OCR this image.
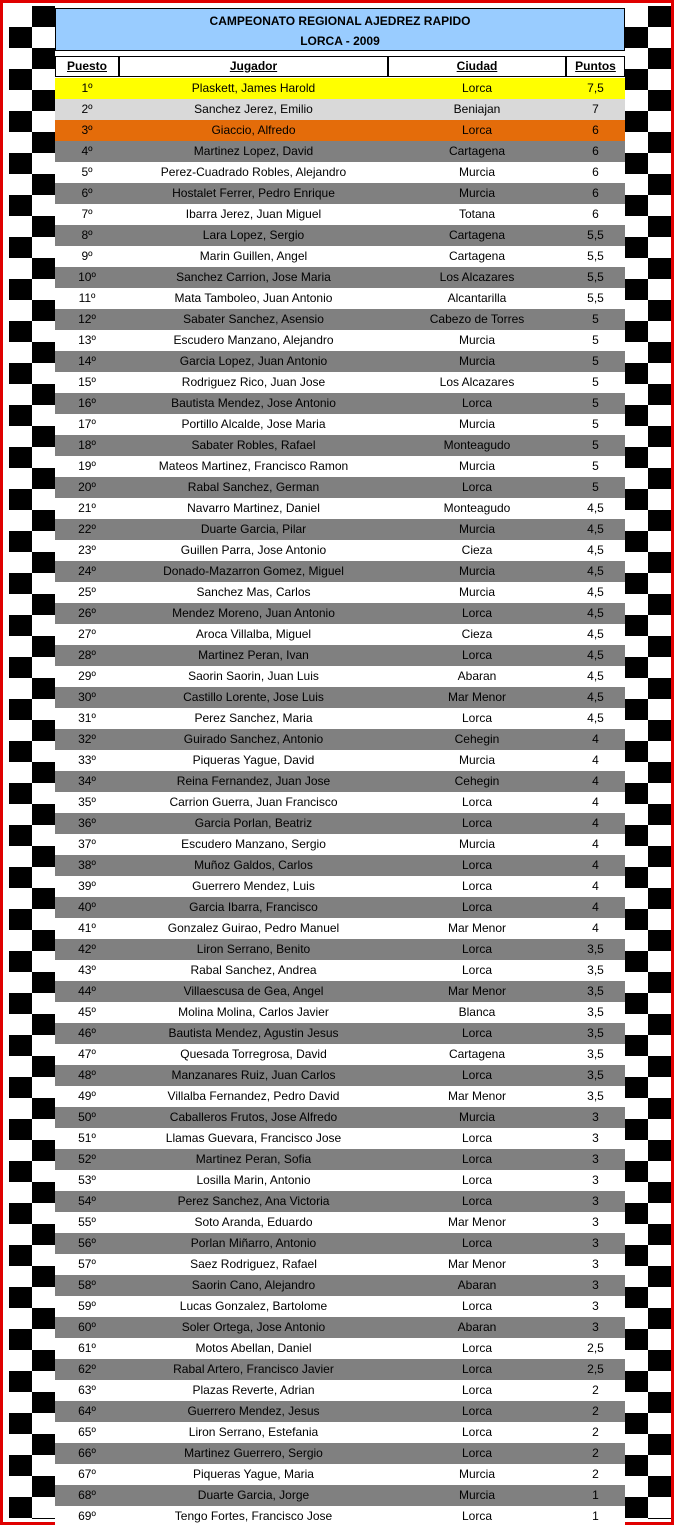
CAMPEONATO REGIONAL AJEDREZ RAPIDO
LORCA - 2009
Puesto	Jugador	Ciudad	Puntos
1º	Plaskett, James Harold	Lorca	7,5
2º	Sanchez Jerez, Emilio	Beniajan	7
3º	Giaccio, Alfredo	Lorca	6
4º	Martinez Lopez, David	Cartagena	6
5º	Perez-Cuadrado Robles, Alejandro	Murcia	6
6º	Hostalet Ferrer, Pedro Enrique	Murcia	6
7º	Ibarra Jerez, Juan Miguel	Totana	6
8º	Lara Lopez, Sergio	Cartagena	5,5
9º	Marin Guillen, Angel	Cartagena	5,5
10º	Sanchez Carrion, Jose Maria	Los Alcazares	5,5
11º	Mata Tamboleo, Juan Antonio	Alcantarilla	5,5
12º	Sabater Sanchez, Asensio	Cabezo de Torres	5
13º	Escudero Manzano, Alejandro	Murcia	5
14º	Garcia Lopez, Juan Antonio	Murcia	5
15º	Rodriguez Rico, Juan Jose	Los Alcazares	5
16º	Bautista Mendez, Jose Antonio	Lorca	5
17º	Portillo Alcalde, Jose Maria	Murcia	5
18º	Sabater Robles, Rafael	Monteagudo	5
19º	Mateos Martinez, Francisco Ramon	Murcia	5
20º	Rabal Sanchez, German	Lorca	5
21º	Navarro Martinez, Daniel	Monteagudo	4,5
22º	Duarte Garcia, Pilar	Murcia	4,5
23º	Guillen Parra, Jose Antonio	Cieza	4,5
24º	Donado-Mazarron Gomez, Miguel	Murcia	4,5
25º	Sanchez Mas, Carlos	Murcia	4,5
26º	Mendez Moreno, Juan Antonio	Lorca	4,5
27º	Aroca Villalba, Miguel	Cieza	4,5
28º	Martinez Peran, Ivan	Lorca	4,5
29º	Saorin Saorin, Juan Luis	Abaran	4,5
30º	Castillo Lorente, Jose Luis	Mar Menor	4,5
31º	Perez Sanchez, Maria	Lorca	4,5
32º	Guirado Sanchez, Antonio	Cehegin	4
33º	Piqueras Yague, David	Murcia	4
34º	Reina Fernandez, Juan Jose	Cehegin	4
35º	Carrion Guerra, Juan Francisco	Lorca	4
36º	Garcia Porlan, Beatriz	Lorca	4
37º	Escudero Manzano, Sergio	Murcia	4
38º	Muñoz Galdos, Carlos	Lorca	4
39º	Guerrero Mendez, Luis	Lorca	4
40º	Garcia Ibarra, Francisco	Lorca	4
41º	Gonzalez Guirao, Pedro Manuel	Mar Menor	4
42º	Liron Serrano, Benito	Lorca	3,5
43º	Rabal Sanchez, Andrea	Lorca	3,5
44º	Villaescusa de Gea, Angel	Mar Menor	3,5
45º	Molina Molina, Carlos Javier	Blanca	3,5
46º	Bautista Mendez, Agustin Jesus	Lorca	3,5
47º	Quesada Torregrosa, David	Cartagena	3,5
48º	Manzanares Ruiz, Juan Carlos	Lorca	3,5
49º	Villalba Fernandez, Pedro David	Mar Menor	3,5
50º	Caballeros Frutos, Jose Alfredo	Murcia	3
51º	Llamas Guevara, Francisco Jose	Lorca	3
52º	Martinez Peran, Sofia	Lorca	3
53º	Losilla Marin, Antonio	Lorca	3
54º	Perez Sanchez, Ana Victoria	Lorca	3
55º	Soto Aranda, Eduardo	Mar Menor	3
56º	Porlan Miñarro, Antonio	Lorca	3
57º	Saez Rodriguez, Rafael	Mar Menor	3
58º	Saorin Cano, Alejandro	Abaran	3
59º	Lucas Gonzalez, Bartolome	Lorca	3
60º	Soler Ortega, Jose Antonio	Abaran	3
61º	Motos Abellan, Daniel	Lorca	2,5
62º	Rabal Artero, Francisco Javier	Lorca	2,5
63º	Plazas Reverte, Adrian	Lorca	2
64º	Guerrero Mendez, Jesus	Lorca	2
65º	Liron Serrano, Estefania	Lorca	2
66º	Martinez Guerrero, Sergio	Lorca	2
67º	Piqueras Yague, Maria	Murcia	2
68º	Duarte Garcia, Jorge	Murcia	1
69º	Tengo Fortes, Francisco Jose	Lorca	1
